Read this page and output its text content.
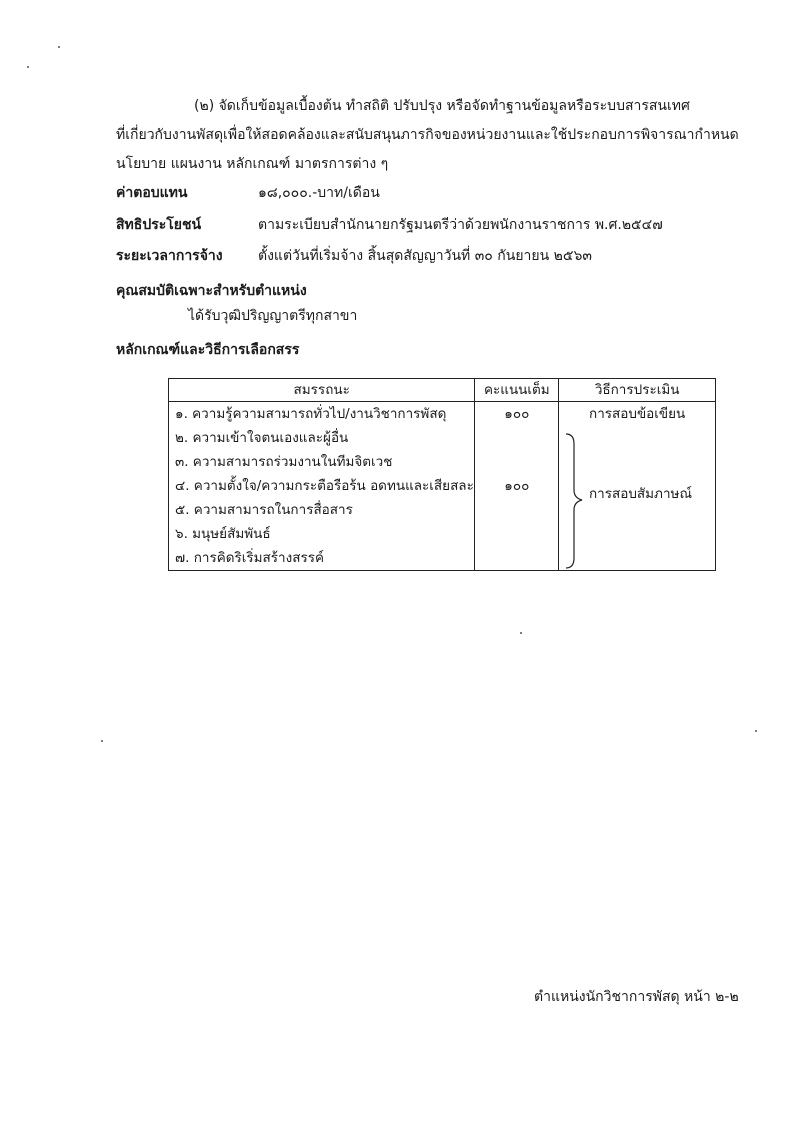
(๒) จัดเก็บข้อมูลเบื้องต้น ทำสถิติ ปรับปรุง หรือจัดทำฐานข้อมูลหรือระบบสารสนเทศ
ที่เกี่ยวกับงานพัสดุเพื่อให้สอดคล้องและสนับสนุนภารกิจของหน่วยงานและใช้ประกอบการพิจารณากำหนด
นโยบาย แผนงาน หลักเกณฑ์ มาตรการต่าง ๆ
ค่าตอบแทน	๑๘,๐๐๐.-บาท/เดือน
สิทธิประโยชน์	ตามระเบียบสำนักนายกรัฐมนตรีว่าด้วยพนักงานราชการ พ.ศ.๒๕๔๗
ระยะเวลาการจ้าง	ตั้งแต่วันที่เริ่มจ้าง สิ้นสุดสัญญาวันที่ ๓๐ กันยายน ๒๕๖๓
คุณสมบัติเฉพาะสำหรับตำแหน่ง
ได้รับวุฒิปริญญาตรีทุกสาขา
หลักเกณฑ์และวิธีการเลือกสรร
สมรรถนะ	คะแนนเต็ม	วิธีการประเมิน
๑. ความรู้ความสามารถทั่วไป/งานวิชาการพัสดุ	๑๐๐	การสอบข้อเขียน
๒. ความเข้าใจตนเองและผู้อื่น		
๓. ความสามารถร่วมงานในทีมจิตเวช		
๔. ความตั้งใจ/ความกระตือรือร้น อดทนและเสียสละ	๑๐๐	
๕. ความสามารถในการสื่อสาร		
๖. มนุษย์สัมพันธ์		
๗. การคิดริเริ่มสร้างสรรค์		
การสอบสัมภาษณ์
ตำแหน่งนักวิชาการพัสดุ หน้า ๒-๒
